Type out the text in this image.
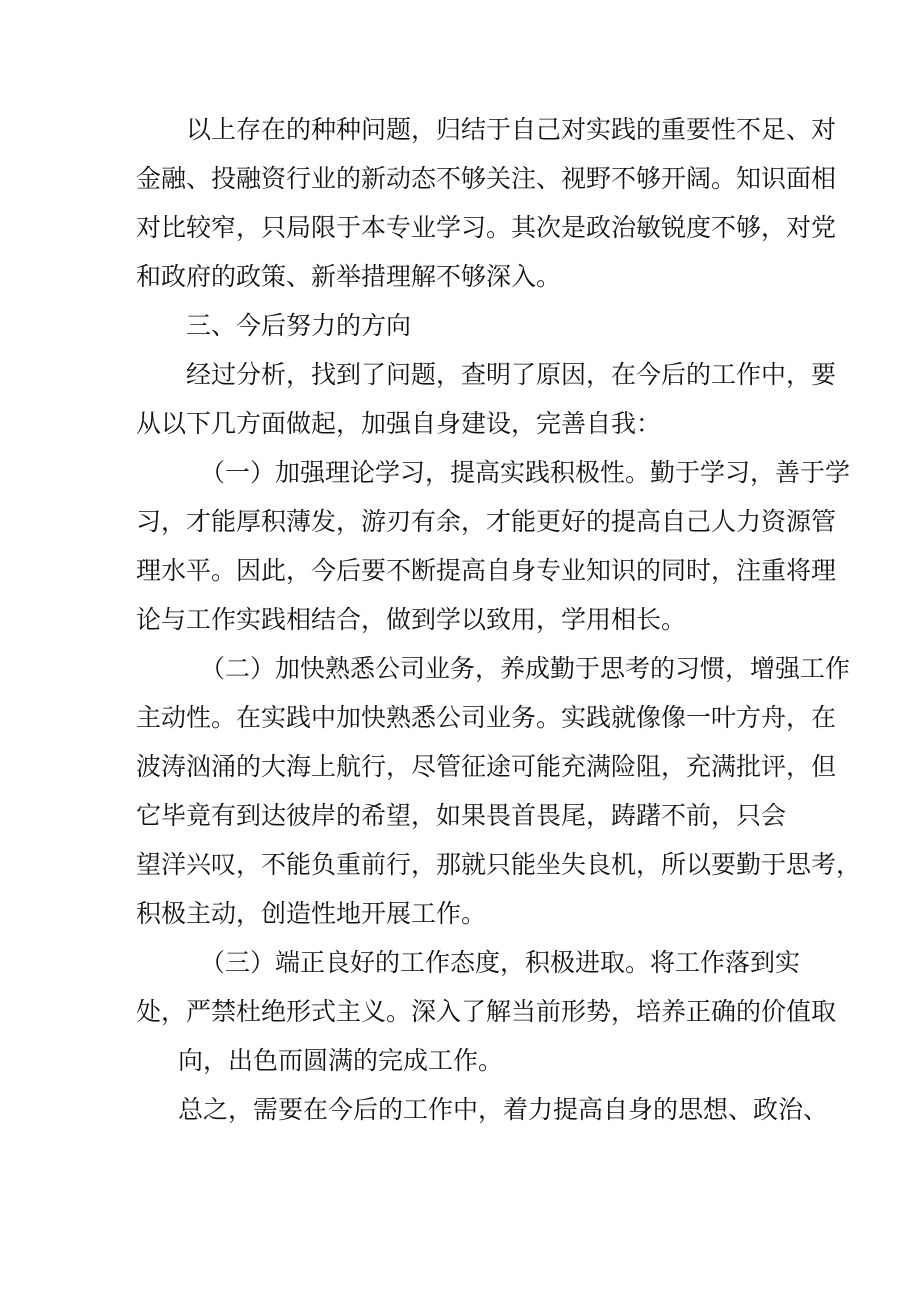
以上存在的种种问题，归结于自己对实践的重要性不足、对
金融、投融资行业的新动态不够关注、视野不够开阔。知识面相
对比较窄，只局限于本专业学习。其次是政治敏锐度不够，对党
和政府的政策、新举措理解不够深入。
三、今后努力的方向
经过分析，找到了问题，查明了原因，在今后的工作中，要
从以下几方面做起，加强自身建设，完善自我：
（一）加强理论学习，提高实践积极性。勤于学习，善于学
习，才能厚积薄发，游刃有余，才能更好的提高自己人力资源管
理水平。因此，今后要不断提高自身专业知识的同时，注重将理
论与工作实践相结合，做到学以致用，学用相长。
（二）加快熟悉公司业务，养成勤于思考的习惯，增强工作
主动性。在实践中加快熟悉公司业务。实践就像像一叶方舟，在
波涛汹涌的大海上航行，尽管征途可能充满险阻，充满批评，但
它毕竟有到达彼岸的希望，如果畏首畏尾，踌躇不前，只会
望洋兴叹，不能负重前行，那就只能坐失良机，所以要勤于思考，
积极主动，创造性地开展工作。
（三）端正良好的工作态度，积极进取。将工作落到实
处，严禁杜绝形式主义。深入了解当前形势，培养正确的价值取
向，出色而圆满的完成工作。
总之，需要在今后的工作中，着力提高自身的思想、政治、
